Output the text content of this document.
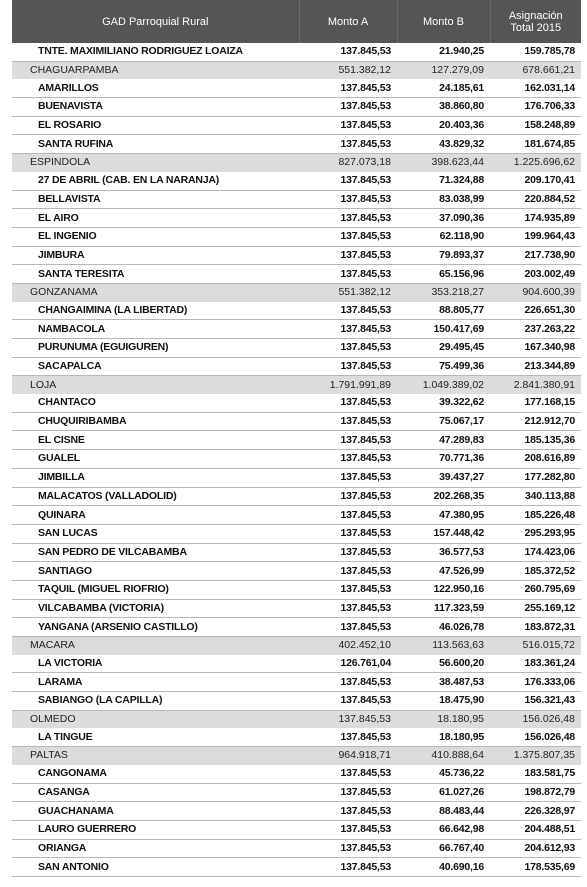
GAD Parroquial Rural	Monto A	Monto B	Asignación
Total 2015
TNTE. MAXIMILIANO RODRIGUEZ LOAIZA	137.845,53	21.940,25	159.785,78
CHAGUARPAMBA	551.382,12	127.279,09	678.661,21
AMARILLOS	137.845,53	24.185,61	162.031,14
BUENAVISTA	137.845,53	38.860,80	176.706,33
EL ROSARIO	137.845,53	20.403,36	158.248,89
SANTA RUFINA	137.845,53	43.829,32	181.674,85
ESPINDOLA	827.073,18	398.623,44	1.225.696,62
27 DE ABRIL (CAB. EN LA NARANJA)	137.845,53	71.324,88	209.170,41
BELLAVISTA	137.845,53	83.038,99	220.884,52
EL AIRO	137.845,53	37.090,36	174.935,89
EL INGENIO	137.845,53	62.118,90	199.964,43
JIMBURA	137.845,53	79.893,37	217.738,90
SANTA TERESITA	137.845,53	65.156,96	203.002,49
GONZANAMA	551.382,12	353.218,27	904.600,39
CHANGAIMINA (LA LIBERTAD)	137.845,53	88.805,77	226.651,30
NAMBACOLA	137.845,53	150.417,69	237.263,22
PURUNUMA (EGUIGUREN)	137.845,53	29.495,45	167.340,98
SACAPALCA	137.845,53	75.499,36	213.344,89
LOJA	1.791.991,89	1.049.389,02	2.841.380,91
CHANTACO	137.845,53	39.322,62	177.168,15
CHUQUIRIBAMBA	137.845,53	75.067,17	212.912,70
EL CISNE	137.845,53	47.289,83	185.135,36
GUALEL	137.845,53	70.771,36	208.616,89
JIMBILLA	137.845,53	39.437,27	177.282,80
MALACATOS (VALLADOLID)	137.845,53	202.268,35	340.113,88
QUINARA	137.845,53	47.380,95	185.226,48
SAN LUCAS	137.845,53	157.448,42	295.293,95
SAN PEDRO DE VILCABAMBA	137.845,53	36.577,53	174.423,06
SANTIAGO	137.845,53	47.526,99	185.372,52
TAQUIL (MIGUEL RIOFRIO)	137.845,53	122.950,16	260.795,69
VILCABAMBA (VICTORIA)	137.845,53	117.323,59	255.169,12
YANGANA (ARSENIO CASTILLO)	137.845,53	46.026,78	183.872,31
MACARA	402.452,10	113.563,63	516.015,72
LA VICTORIA	126.761,04	56.600,20	183.361,24
LARAMA	137.845,53	38.487,53	176.333,06
SABIANGO (LA CAPILLA)	137.845,53	18.475,90	156.321,43
OLMEDO	137.845,53	18.180,95	156.026,48
LA TINGUE	137.845,53	18.180,95	156.026,48
PALTAS	964.918,71	410.888,64	1.375.807,35
CANGONAMA	137.845,53	45.736,22	183.581,75
CASANGA	137.845,53	61.027,26	198.872,79
GUACHANAMA	137.845,53	88.483,44	226.328,97
LAURO GUERRERO	137.845,53	66.642,98	204.488,51
ORIANGA	137.845,53	66.767,40	204.612,93
SAN ANTONIO	137.845,53	40.690,16	178.535,69
